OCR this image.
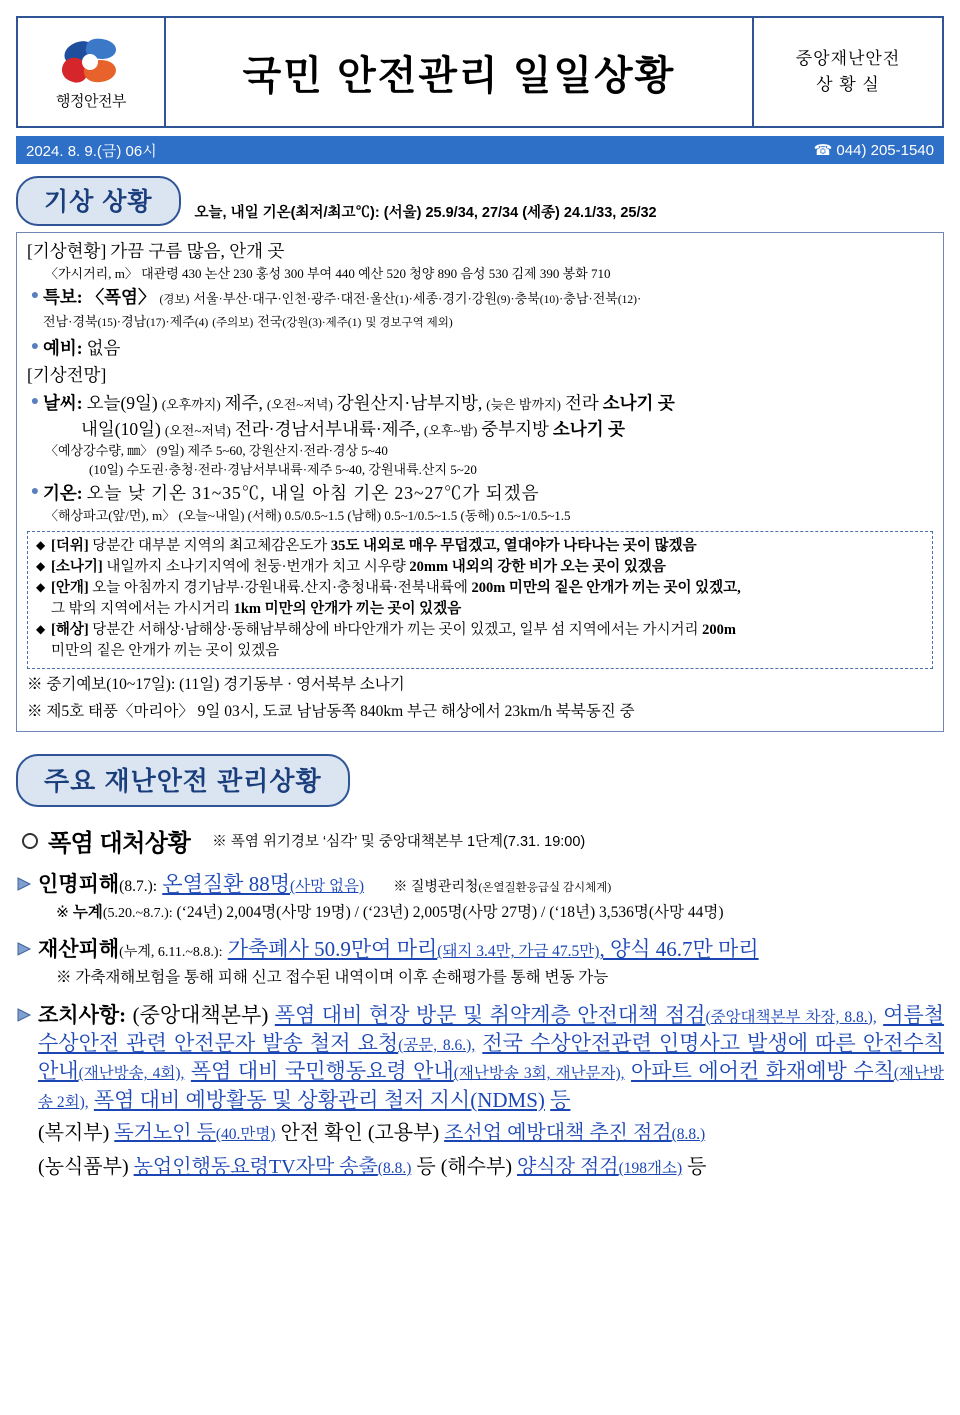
행정안전부
국민 안전관리 일일상황	중앙재난안전
상 황 실
2024. 8. 9.(금) 06시	☎ 044) 205-1540
기상 상황	오늘, 내일 기온(최저/최고℃): (서울) 25.9/34, 27/34 (세종) 24.1/33, 25/32
[기상현황] 가끔 구름 많음, 안개 곳
〈가시거리, m〉 대관령 430 논산 230 홍성 300 부여 440 예산 520 청양 890 음성 530 김제 390 봉화 710
● 특보: 〈폭염〉 (경보) 서울·부산·대구·인천·광주·대전·울산(1)·세종·경기·강원(9)·충북(10)·충남·전북(12)·
전남·경북(15)·경남(17)·제주(4) (주의보) 전국(강원(3)·제주(1) 및 경보구역 제외)
● 예비: 없음
[기상전망]
● 날씨: 오늘(9일) (오후까지) 제주, (오전~저녁) 강원산지·남부지방, (늦은 밤까지) 전라 소나기 곳
내일(10일) (오전~저녁) 전라·경남서부내륙·제주, (오후~밤) 중부지방 소나기 곳
〈예상강수량, ㎜〉 (9일) 제주 5~60, 강원산지·전라·경상 5~40
(10일) 수도권·충청·전라·경남서부내륙·제주 5~40, 강원내륙.산지 5~20
● 기온: 오늘 낮 기온 31~35℃, 내일 아침 기온 23~27℃가 되겠음
〈해상파고(앞/먼), m〉 (오늘~내일) (서해) 0.5/0.5~1.5 (남해) 0.5~1/0.5~1.5 (동해) 0.5~1/0.5~1.5
◆ [더위] 당분간 대부분 지역의 최고체감온도가 35도 내외로 매우 무덥겠고, 열대야가 나타나는 곳이 많겠음
◆ [소나기] 내일까지 소나기지역에 천둥·번개가 치고 시우량 20mm 내외의 강한 비가 오는 곳이 있겠음
◆ [안개] 오늘 아침까지 경기남부·강원내륙.산지·충청내륙·전북내륙에 200m 미만의 짙은 안개가 끼는 곳이 있겠고,
그 밖의 지역에서는 가시거리 1km 미만의 안개가 끼는 곳이 있겠음
◆ [해상] 당분간 서해상·남해상·동해남부해상에 바다안개가 끼는 곳이 있겠고, 일부 섬 지역에서는 가시거리 200m
미만의 짙은 안개가 끼는 곳이 있겠음
※ 중기예보(10~17일): (11일) 경기동부 · 영서북부 소나기
※ 제5호 태풍〈마리아〉 9일 03시, 도쿄 남남동쪽 840km 부근 해상에서 23km/h 북북동진 중
주요 재난안전 관리상황
폭염 대처상황 ※ 폭염 위기경보 ‘심각’ 및 중앙대책본부 1단계(7.31. 19:00)
인명피해(8.7.): 온열질환 88명(사망 없음) ※ 질병관리청(온열질환응급실 감시체계)
※ 누계(5.20.~8.7.): (‘24년) 2,004명(사망 19명) / (‘23년) 2,005명(사망 27명) / (‘18년) 3,536명(사망 44명)
재산피해(누계, 6.11.~8.8.): 가축폐사 50.9만여 마리(돼지 3.4만, 가금 47.5만), 양식 46.7만 마리
※ 가축재해보험을 통해 피해 신고 접수된 내역이며 이후 손해평가를 통해 변동 가능
조치사항: (중앙대책본부) 폭염 대비 현장 방문 및 취약계층 안전대책 점검(중앙대책본부 차장, 8.8.), 여름철 수상안전 관련 안전문자 발송 철저 요청(공문, 8.6.), 전국 수상안전관련 인명사고 발생에 따른 안전수칙 안내(재난방송, 4회), 폭염 대비 국민행동요령 안내(재난방송 3회, 재난문자), 아파트 에어컨 화재예방 수칙(재난방송 2회), 폭염 대비 예방활동 및 상황관리 철저 지시(NDMS) 등
(복지부) 독거노인 등(40.만명) 안전 확인 (고용부) 조선업 예방대책 추진 점검(8.8.)
(농식품부) 농업인행동요령TV자막 송출(8.8.) 등 (해수부) 양식장 점검(198개소) 등
